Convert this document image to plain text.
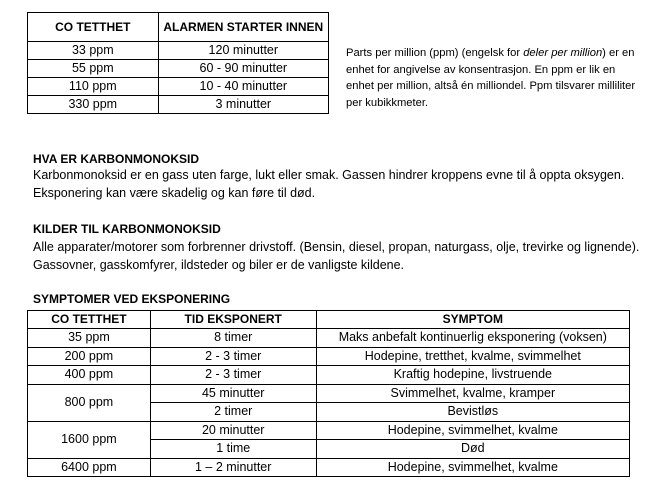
CO TETTHET	ALARMEN STARTER INNEN
33 ppm	120 minutter
55 ppm	60 - 90 minutter
110 ppm	10 - 40 minutter
330 ppm	3 minutter
Parts per million (ppm) (engelsk for deler per million) er en enhet for angivelse av konsentrasjon. En ppm er lik en enhet per million, altså én milliondel. Ppm tilsvarer milliliter per kubikkmeter.
HVA ER KARBONMONOKSID
Karbonmonoksid er en gass uten farge, lukt eller smak. Gassen hindrer kroppens evne til å oppta oksygen. Eksponering kan være skadelig og kan føre til død.
KILDER TIL KARBONMONOKSID
Alle apparater/motorer som forbrenner drivstoff. (Bensin, diesel, propan, naturgass, olje, trevirke og lignende). Gassovner, gasskomfyrer, ildsteder og biler er de vanligste kildene.
SYMPTOMER VED EKSPONERING
CO TETTHET	TID EKSPONERT	SYMPTOM
35 ppm	8 timer	Maks anbefalt kontinuerlig eksponering (voksen)
200 ppm	2 - 3 timer	Hodepine, tretthet, kvalme, svimmelhet
400 ppm	2 - 3 timer	Kraftig hodepine, livstruende
800 ppm	45 minutter	Svimmelhet, kvalme, kramper
	2 timer	Bevistløs
1600 ppm	20 minutter	Hodepine, svimmelhet, kvalme
	1 time	Død
6400 ppm	1 – 2 minutter	Hodepine, svimmelhet, kvalme
